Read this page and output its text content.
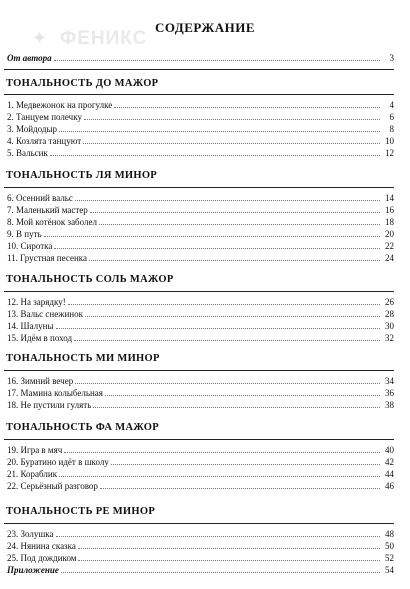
✦ ФЕНИКС
СОДЕРЖАНИЕ
От автора	3
ТОНАЛЬНОСТЬ ДО МАЖОР
1. Медвежонок на прогулке	4
2. Танцуем полечку	6
3. Мойдодыр	8
4. Козлята танцуют	10
5. Вальсик	12
ТОНАЛЬНОСТЬ ЛЯ МИНОР
6. Осенний вальс	14
7. Маленький мастер	16
8. Мой котёнок заболел	18
9. В путь	20
10. Сиротка	22
11. Грустная песенка	24
ТОНАЛЬНОСТЬ СОЛЬ МАЖОР
12. На зарядку!	26
13. Вальс снежинок	28
14. Шалуны	30
15. Идём в поход	32
ТОНАЛЬНОСТЬ МИ МИНОР
16. Зимний вечер	34
17. Мамина колыбельная	36
18. Не пустили гулять	38
ТОНАЛЬНОСТЬ ФА МАЖОР
19. Игра в мяч	40
20. Буратино идёт в школу	42
21. Кораблик	44
22. Серьёзный разговор	46
ТОНАЛЬНОСТЬ РЕ МИНОР
23. Золушка	48
24. Нянина сказка	50
25. Под дождиком	52
Приложение	54
